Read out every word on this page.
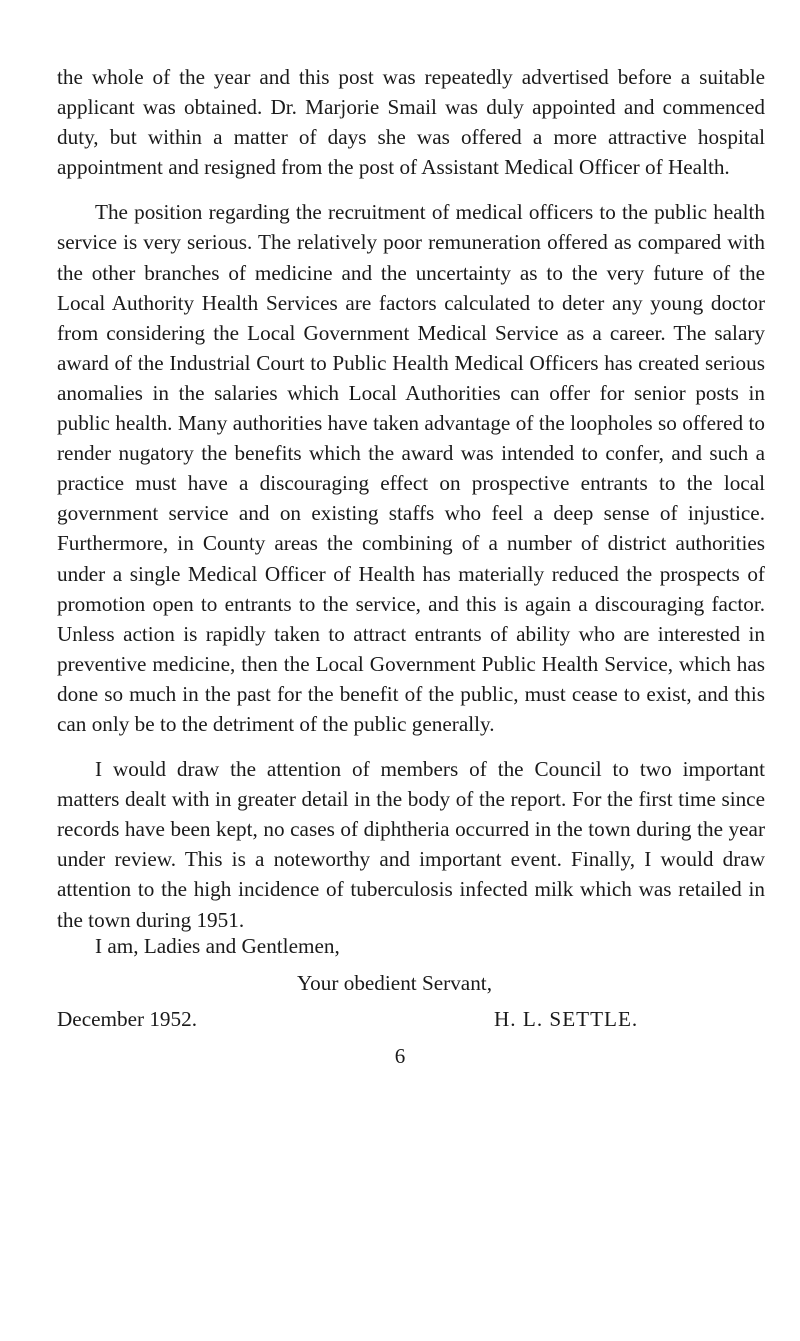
the whole of the year and this post was repeatedly advertised before a suitable applicant was obtained. Dr. Marjorie Smail was duly appointed and commenced duty, but within a matter of days she was offered a more attractive hospital appointment and resigned from the post of Assistant Medical Officer of Health.

The position regarding the recruitment of medical officers to the public health service is very serious. The relatively poor remuneration offered as compared with the other branches of medicine and the uncertainty as to the very future of the Local Authority Health Services are factors calculated to deter any young doctor from considering the Local Government Medical Service as a career. The salary award of the Industrial Court to Public Health Medical Officers has created serious anomalies in the salaries which Local Authorities can offer for senior posts in public health. Many authorities have taken advantage of the loopholes so offered to render nugatory the benefits which the award was intended to confer, and such a practice must have a discouraging effect on prospective entrants to the local government service and on existing staffs who feel a deep sense of injustice. Furthermore, in County areas the combining of a number of district authorities under a single Medical Officer of Health has materially reduced the prospects of promotion open to entrants to the service, and this is again a discouraging factor. Unless action is rapidly taken to attract entrants of ability who are interested in preventive medicine, then the Local Government Public Health Service, which has done so much in the past for the benefit of the public, must cease to exist, and this can only be to the detriment of the public generally.

I would draw the attention of members of the Council to two important matters dealt with in greater detail in the body of the report. For the first time since records have been kept, no cases of diphtheria occurred in the town during the year under review. This is a noteworthy and important event. Finally, I would draw attention to the high incidence of tuberculosis infected milk which was retailed in the town during 1951.

I am, Ladies and Gentlemen,

Your obedient Servant,

December 1952.	H. L. SETTLE.

6
